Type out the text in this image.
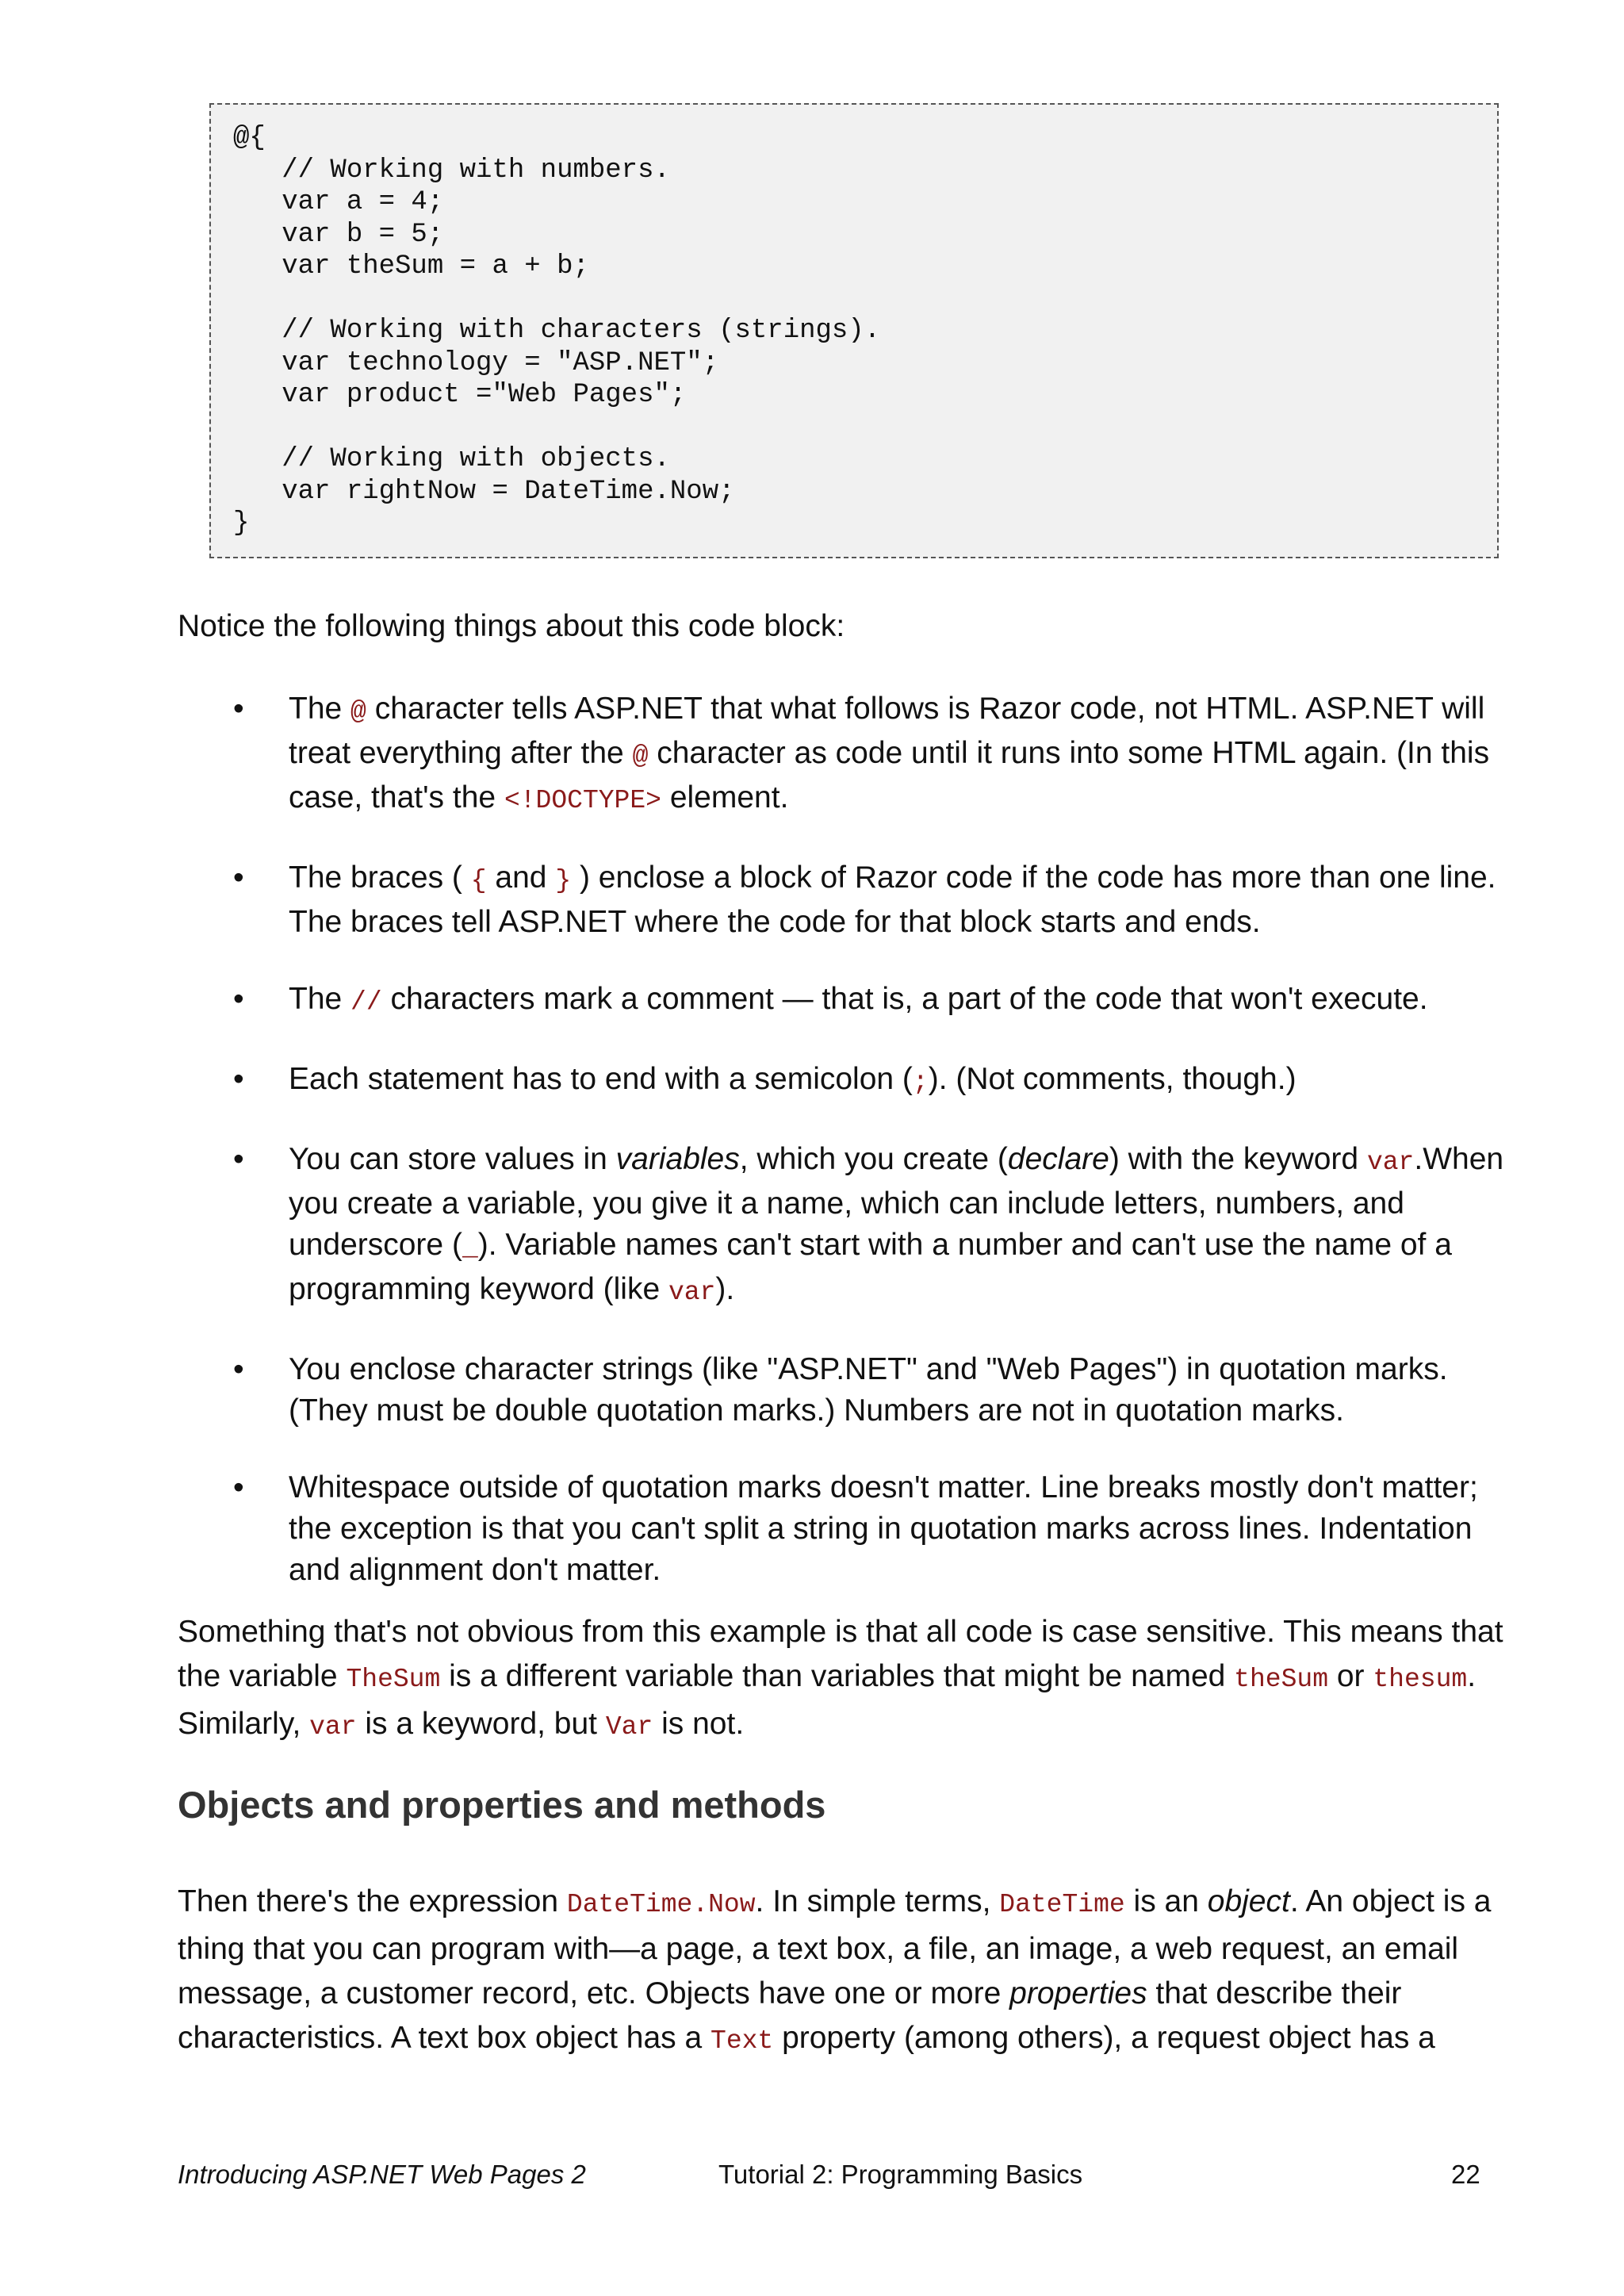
@{
// Working with numbers.
var a = 4;
var b = 5;
var theSum = a + b;

// Working with characters (strings).
var technology = "ASP.NET";
var product ="Web Pages";

// Working with objects.
var rightNow = DateTime.Now;
}
Notice the following things about this code block:
• The @ character tells ASP.NET that what follows is Razor code, not HTML. ASP.NET will treat everything after the @ character as code until it runs into some HTML again. (In this case, that's the <!DOCTYPE> element.
• The braces ( { and } ) enclose a block of Razor code if the code has more than one line. The braces tell ASP.NET where the code for that block starts and ends.
• The // characters mark a comment — that is, a part of the code that won't execute.
• Each statement has to end with a semicolon (;). (Not comments, though.)
• You can store values in variables, which you create (declare) with the keyword var.When you create a variable, you give it a name, which can include letters, numbers, and underscore (_). Variable names can't start with a number and can't use the name of a programming keyword (like var).
• You enclose character strings (like "ASP.NET" and "Web Pages") in quotation marks. (They must be double quotation marks.) Numbers are not in quotation marks.
• Whitespace outside of quotation marks doesn't matter. Line breaks mostly don't matter; the exception is that you can't split a string in quotation marks across lines. Indentation and alignment don't matter.
Something that's not obvious from this example is that all code is case sensitive. This means that the variable TheSum is a different variable than variables that might be named theSum or thesum. Similarly, var is a keyword, but Var is not.
Objects and properties and methods
Then there's the expression DateTime.Now. In simple terms, DateTime is an object. An object is a thing that you can program with—a page, a text box, a file, an image, a web request, an email message, a customer record, etc. Objects have one or more properties that describe their characteristics. A text box object has a Text property (among others), a request object has a
Introducing ASP.NET Web Pages 2	Tutorial 2: Programming Basics	22
